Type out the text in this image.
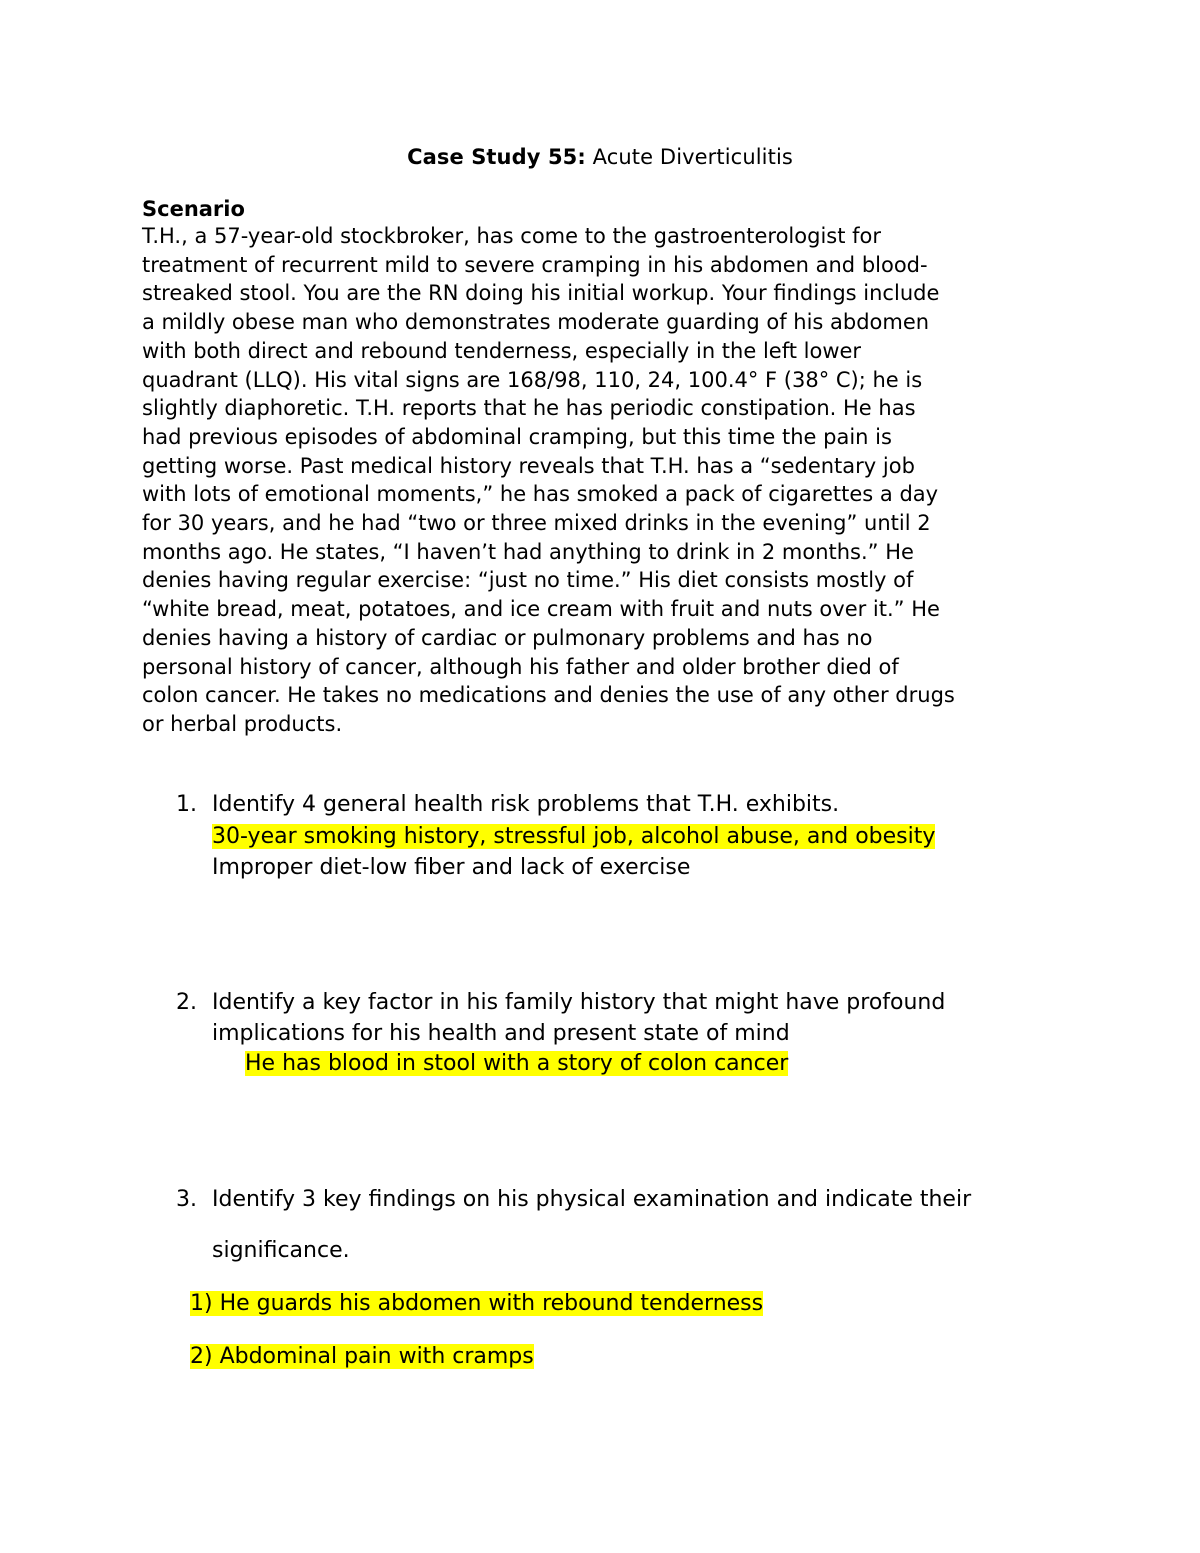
Case Study 55: Acute Diverticulitis
Scenario
T.H., a 57-year-old stockbroker, has come to the gastroenterologist for
treatment of recurrent mild to severe cramping in his abdomen and blood-
streaked stool. You are the RN doing his initial workup. Your findings include
a mildly obese man who demonstrates moderate guarding of his abdomen
with both direct and rebound tenderness, especially in the left lower
quadrant (LLQ). His vital signs are 168/98, 110, 24, 100.4° F (38° C); he is
slightly diaphoretic. T.H. reports that he has periodic constipation. He has
had previous episodes of abdominal cramping, but this time the pain is
getting worse. Past medical history reveals that T.H. has a “sedentary job
with lots of emotional moments,” he has smoked a pack of cigarettes a day
for 30 years, and he had “two or three mixed drinks in the evening” until 2
months ago. He states, “I haven’t had anything to drink in 2 months.” He
denies having regular exercise: “just no time.” His diet consists mostly of
“white bread, meat, potatoes, and ice cream with fruit and nuts over it.” He
denies having a history of cardiac or pulmonary problems and has no
personal history of cancer, although his father and older brother died of
colon cancer. He takes no medications and denies the use of any other drugs
or herbal products.
1. Identify 4 general health risk problems that T.H. exhibits.
30-year smoking history, stressful job, alcohol abuse, and obesity
Improper diet-low fiber and lack of exercise
2. Identify a key factor in his family history that might have profound
implications for his health and present state of mind
He has blood in stool with a story of colon cancer
3. Identify 3 key findings on his physical examination and indicate their
significance.
1) He guards his abdomen with rebound tenderness
2) Abdominal pain with cramps
